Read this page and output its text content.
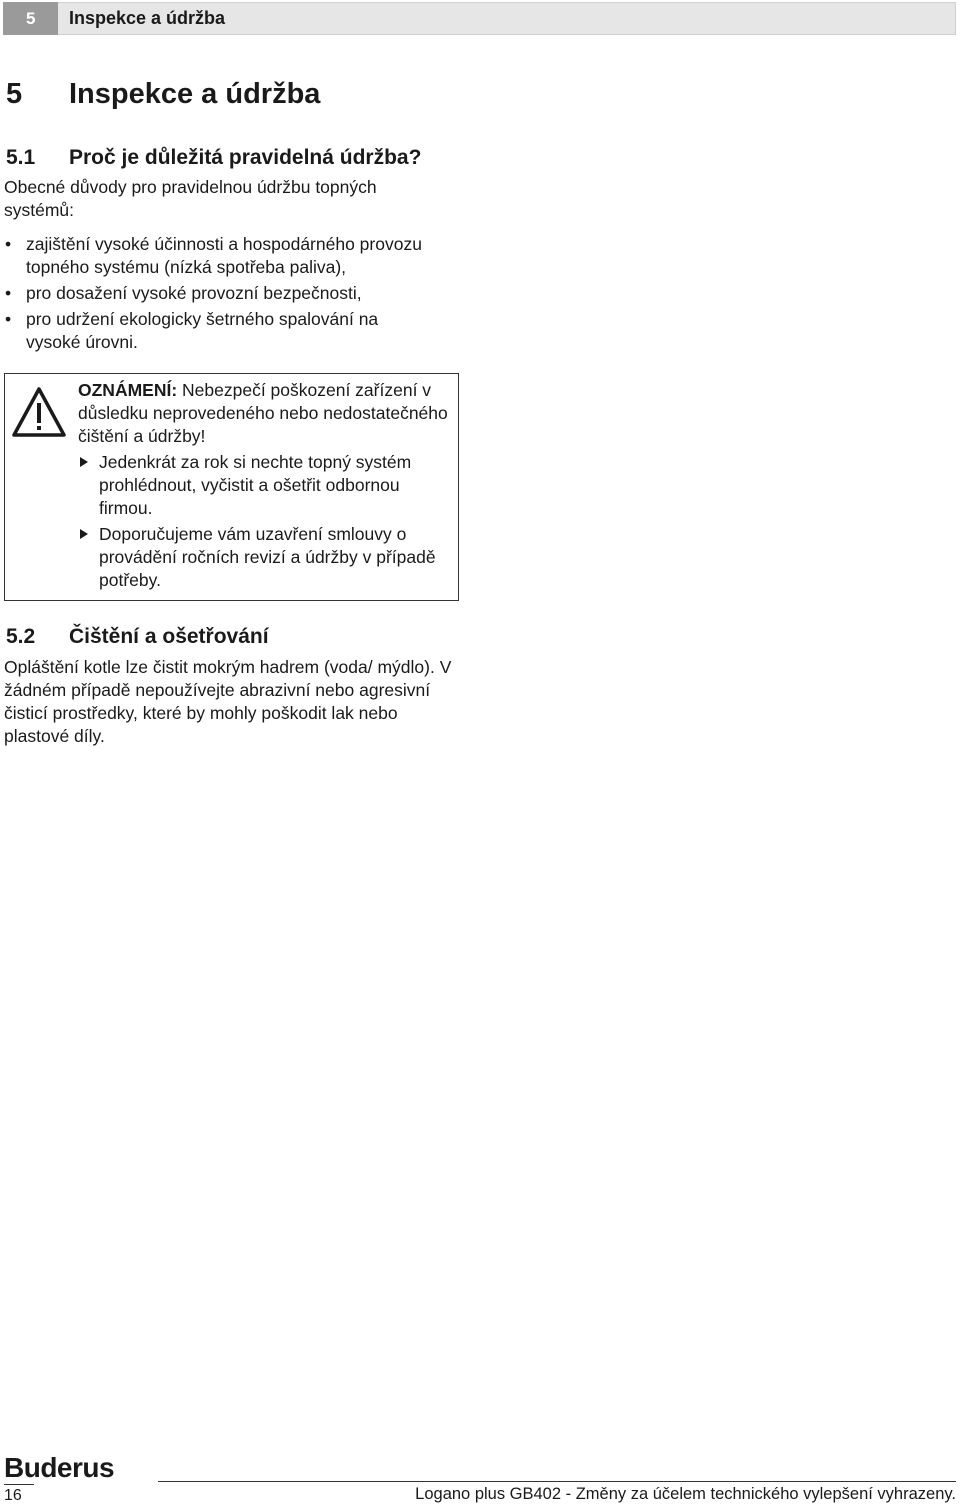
5	Inspekce a údržba
5 Inspekce a údržba
5.1 Proč je důležitá pravidelná údržba?
Obecné důvody pro pravidelnou údržbu topných systémů:
• zajištění vysoké účinnosti a hospodárného provozu topného systému (nízká spotřeba paliva),
• pro dosažení vysoké provozní bezpečnosti,
• pro udržení ekologicky šetrného spalování na vysoké úrovni.
OZNÁMENÍ: Nebezpečí poškození zařízení v důsledku neprovedeného nebo nedostatečného čištění a údržby!
Jedenkrát za rok si nechte topný systém prohlédnout, vyčistit a ošetřit odbornou firmou.
Doporučujeme vám uzavření smlouvy o provádění ročních revizí a údržby v případě potřeby.
5.2 Čištění a ošetřování
Opláštění kotle lze čistit mokrým hadrem (voda/ mýdlo). V žádném případě nepoužívejte abrazivní nebo agresivní čisticí prostředky, které by mohly poškodit lak nebo plastové díly.
Buderus
16	Logano plus GB402 - Změny za účelem technického vylepšení vyhrazeny.
